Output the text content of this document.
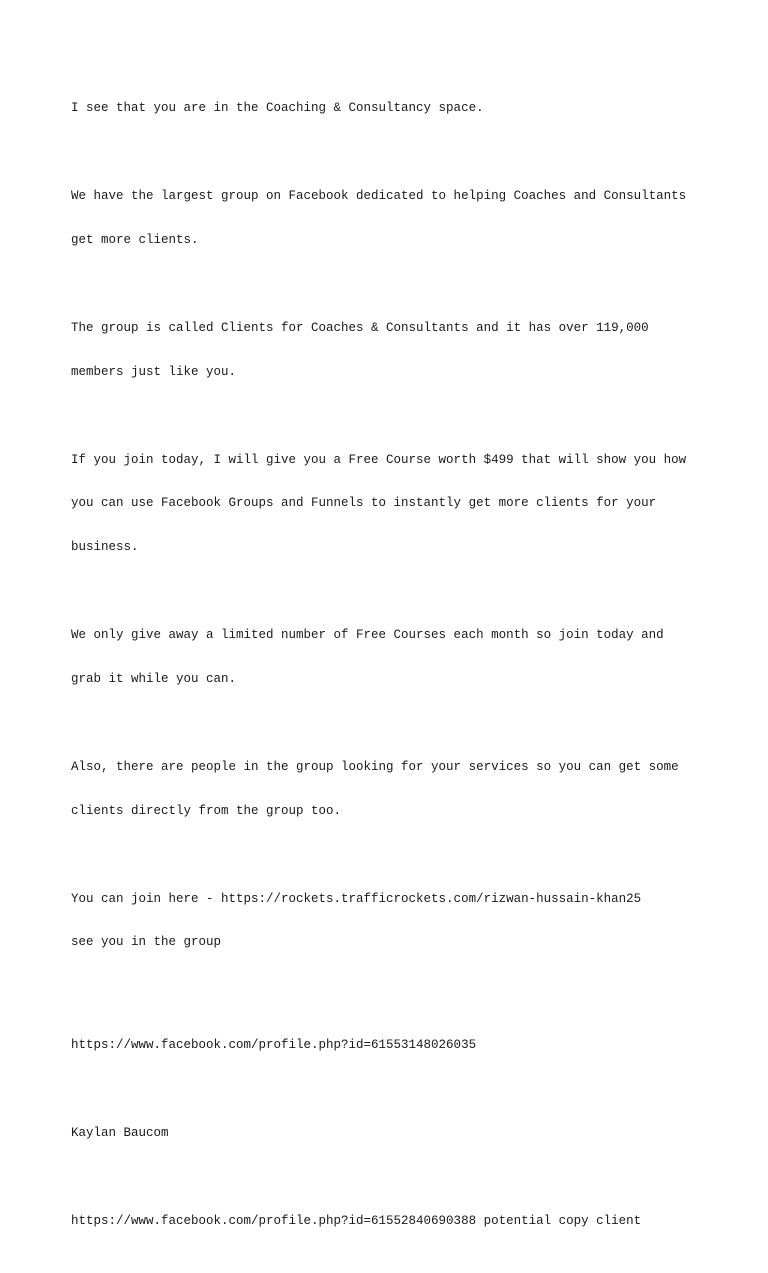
I see that you are in the Coaching & Consultancy space.

We have the largest group on Facebook dedicated to helping Coaches and Consultants

get more clients.

The group is called Clients for Coaches & Consultants and it has over 119,000

members just like you.

If you join today, I will give you a Free Course worth $499 that will show you how

you can use Facebook Groups and Funnels to instantly get more clients for your

business.

We only give away a limited number of Free Courses each month so join today and

grab it while you can.

Also, there are people in the group looking for your services so you can get some

clients directly from the group too.

You can join here - https://rockets.trafficrockets.com/rizwan-hussain-khan25

see you in the group

https://www.facebook.com/profile.php?id=61553148026035

Kaylan Baucom

https://www.facebook.com/profile.php?id=61552840690388 potential copy client
